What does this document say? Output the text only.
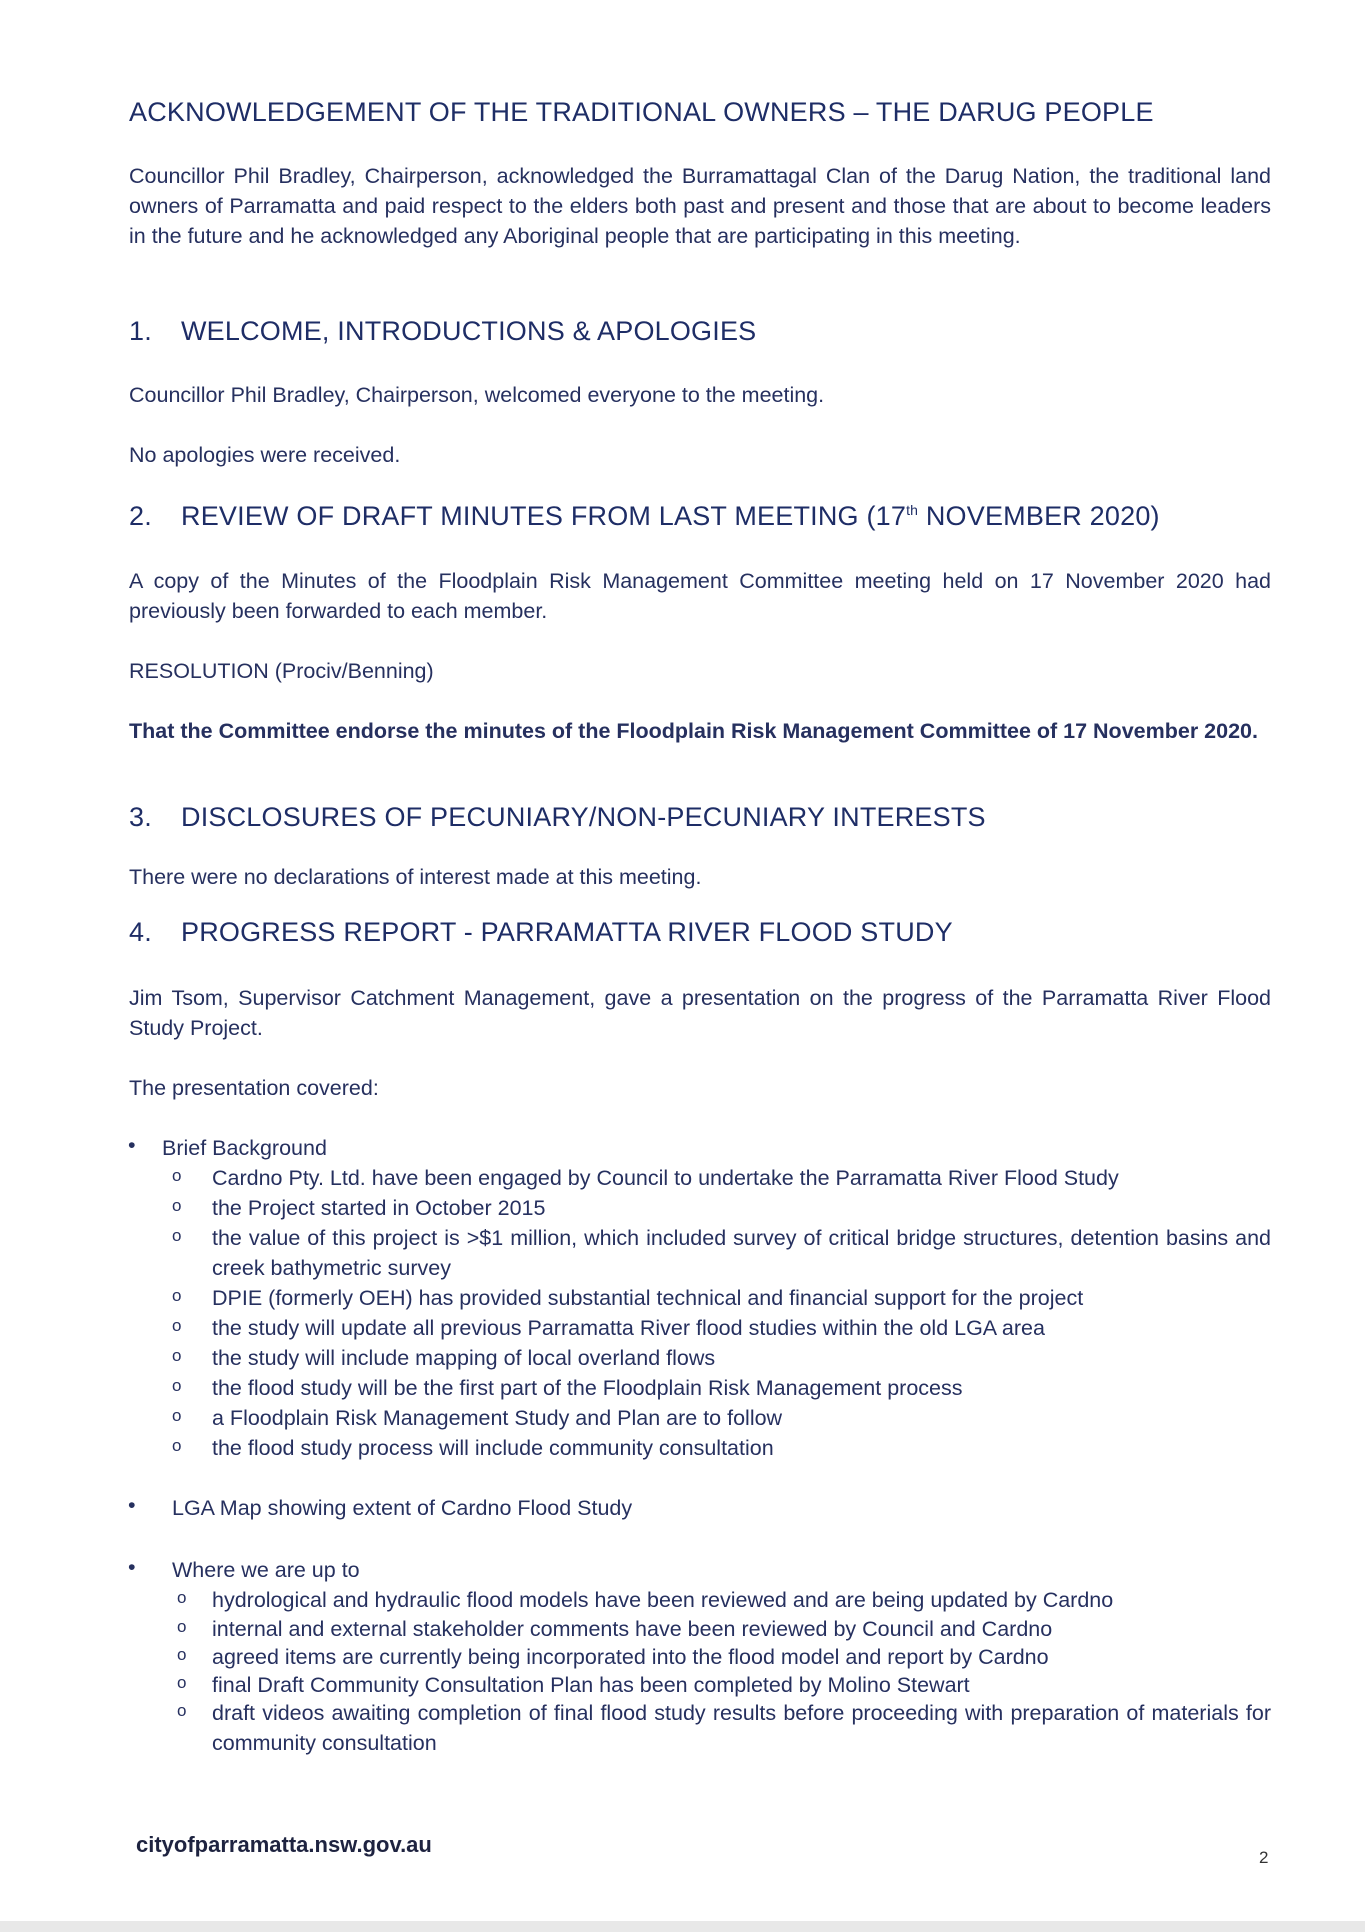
ACKNOWLEDGEMENT OF THE TRADITIONAL OWNERS – THE DARUG PEOPLE
Councillor Phil Bradley, Chairperson, acknowledged the Burramattagal Clan of the Darug Nation, the traditional land owners of Parramatta and paid respect to the elders both past and present and those that are about to become leaders in the future and he acknowledged any Aboriginal people that are participating in this meeting.
1. WELCOME, INTRODUCTIONS & APOLOGIES
Councillor Phil Bradley, Chairperson, welcomed everyone to the meeting.
No apologies were received.
2. REVIEW OF DRAFT MINUTES FROM LAST MEETING (17th NOVEMBER 2020)
A copy of the Minutes of the Floodplain Risk Management Committee meeting held on 17 November 2020 had previously been forwarded to each member.
RESOLUTION (Prociv/Benning)
That the Committee endorse the minutes of the Floodplain Risk Management Committee of 17 November 2020.
3. DISCLOSURES OF PECUNIARY/NON-PECUNIARY INTERESTS
There were no declarations of interest made at this meeting.
4. PROGRESS REPORT - PARRAMATTA RIVER FLOOD STUDY
Jim Tsom, Supervisor Catchment Management, gave a presentation on the progress of the Parramatta River Flood Study Project.
The presentation covered:
• Brief Background
o Cardno Pty. Ltd. have been engaged by Council to undertake the Parramatta River Flood Study
o the Project started in October 2015
o the value of this project is >$1 million, which included survey of critical bridge structures, detention basins and creek bathymetric survey
o DPIE (formerly OEH) has provided substantial technical and financial support for the project
o the study will update all previous Parramatta River flood studies within the old LGA area
o the study will include mapping of local overland flows
o the flood study will be the first part of the Floodplain Risk Management process
o a Floodplain Risk Management Study and Plan are to follow
o the flood study process will include community consultation
• LGA Map showing extent of Cardno Flood Study
• Where we are up to
o hydrological and hydraulic flood models have been reviewed and are being updated by Cardno
o internal and external stakeholder comments have been reviewed by Council and Cardno
o agreed items are currently being incorporated into the flood model and report by Cardno
o final Draft Community Consultation Plan has been completed by Molino Stewart
o draft videos awaiting completion of final flood study results before proceeding with preparation of materials for community consultation
cityofparramatta.nsw.gov.au
2
